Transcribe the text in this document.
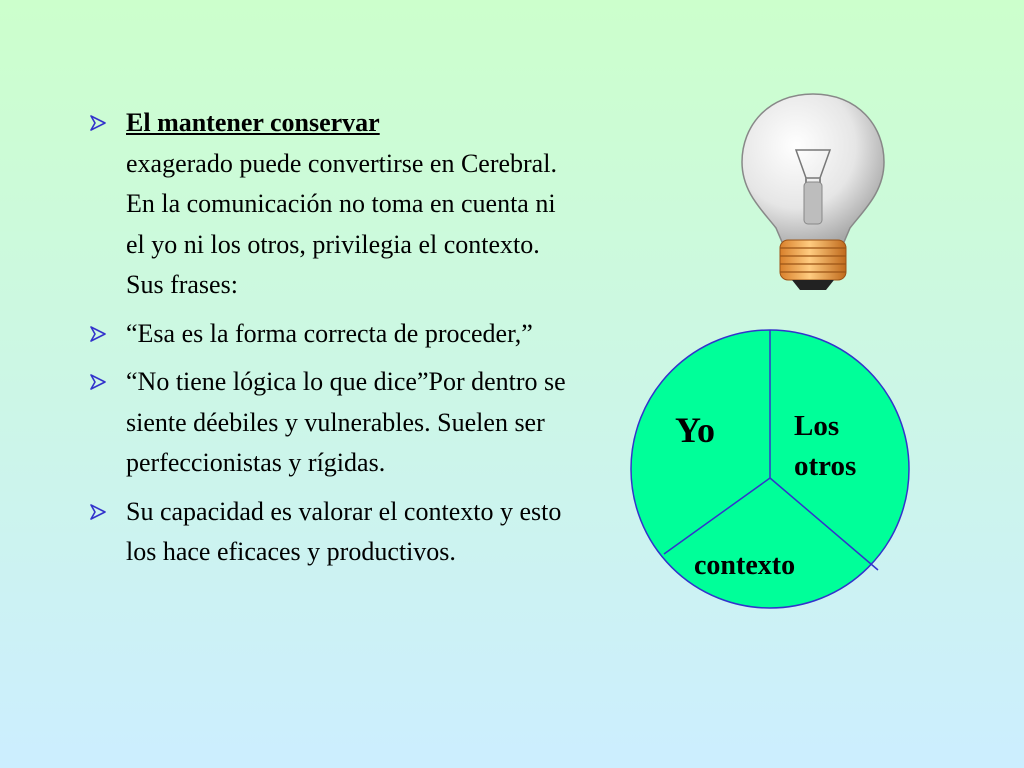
El mantener conservar
exagerado puede convertirse en Cerebral. En la comunicación no toma en cuenta ni el yo ni los otros, privilegia el contexto. Sus frases:
“Esa es la forma correcta de proceder,”
“No tiene lógica lo que dice”Por dentro se siente déebiles y vulnerables. Suelen ser perfeccionistas y rígidas.
Su capacidad es valorar el contexto y esto los hace eficaces y productivos.
Yo	Los
otros
contexto
